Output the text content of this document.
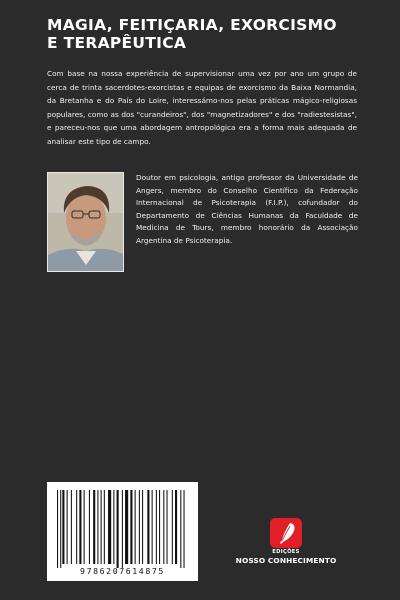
MAGIA, FEITIÇARIA, EXORCISMO
E TERAPÊUTICA
Com base na nossa experiência de supervisionar uma vez por ano um grupo de cerca de trinta sacerdotes-exorcistas e equipas de exorcismo da Baixa Normandia, da Bretanha e do País do Loire, interessámo-nos pelas práticas mágico-religiosas populares, como as dos "curandeiros", dos "magnetizadores" e dos "radiestesistas", e pareceu-nos que uma abordagem antropológica era a forma mais adequada de analisar este tipo de campo.
Doutor em psicologia, antigo professor da Universidade de Angers, membro do Conselho Científico da Federação Internacional de Psicoterapia (F.I.P.), cofundador do Departamento de Ciências Humanas da Faculdade de Medicina de Tours, membro honorário da Associação Argentina de Psicoterapia.
9786207614875
EDIÇÕES
NOSSO CONHECIMENTO
